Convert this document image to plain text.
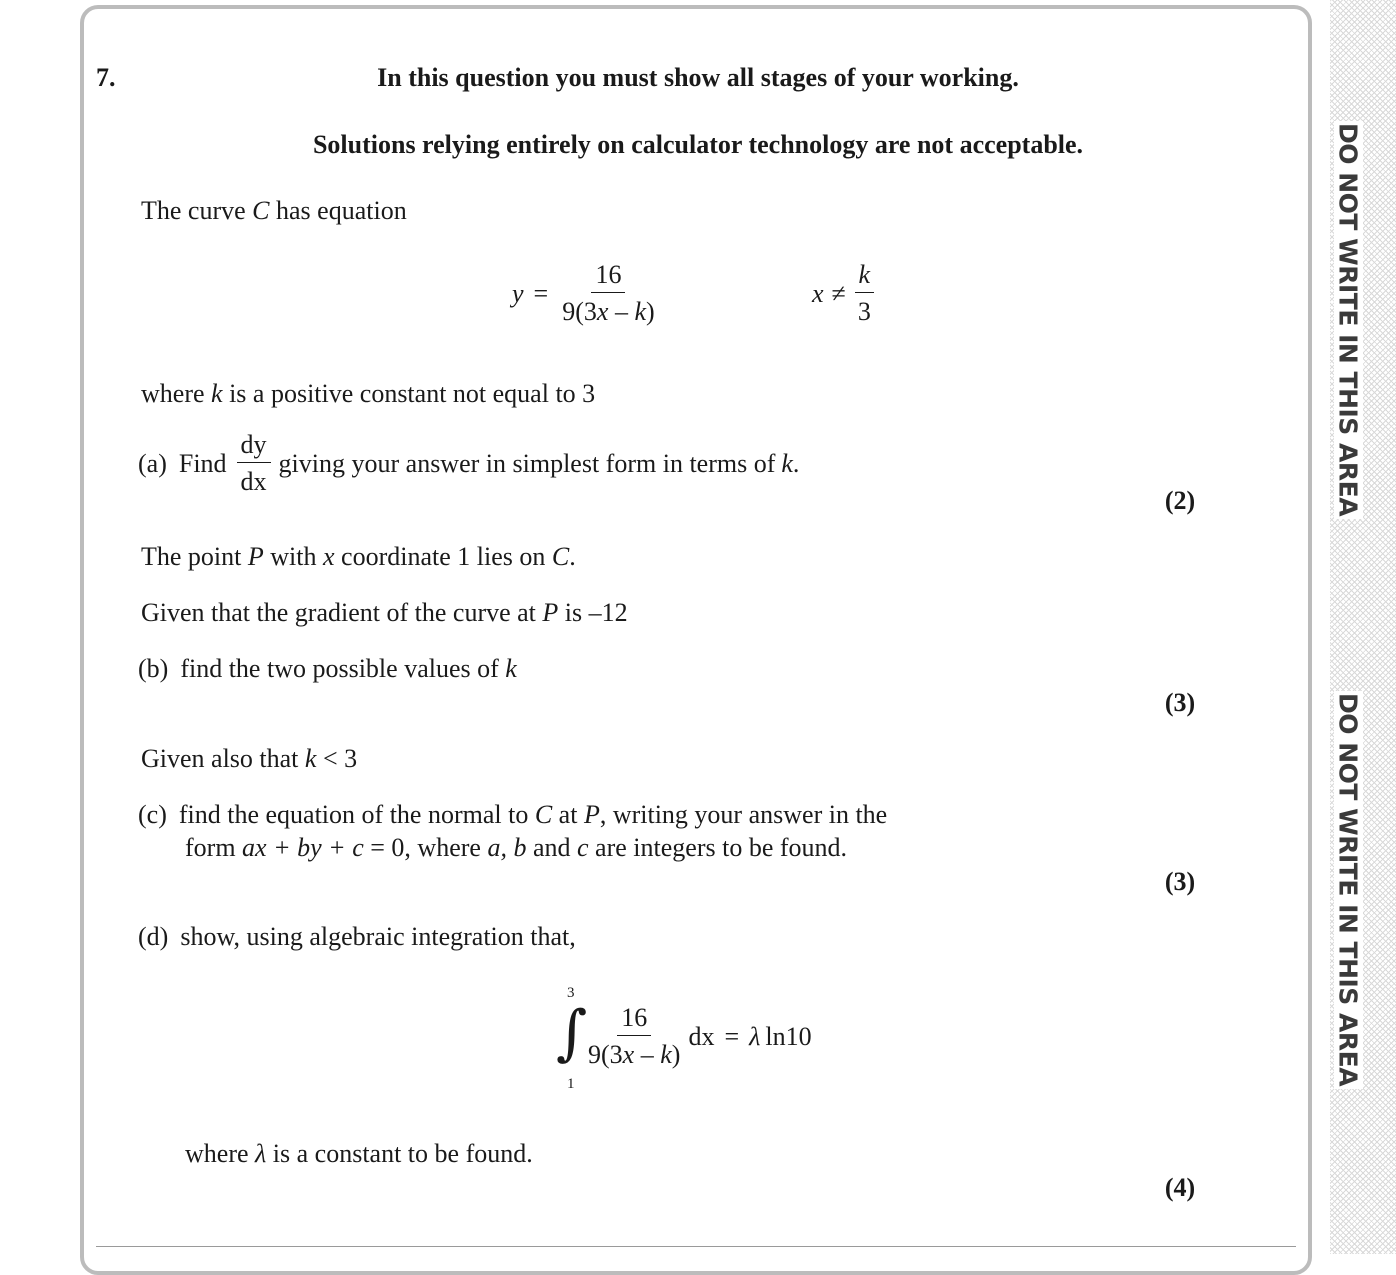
DO NOT WRITE IN THIS AREA
DO NOT WRITE IN THIS AREA
7.	In this question you must show all stages of your working.
Solutions relying entirely on calculator technology are not acceptable.
The curve C has equation
$y = \frac{16}{9(3x - k)}$	$x \ne \frac{k}{3}$
where k is a positive constant not equal to 3
(a) Find $\frac{dy}{dx}$ giving your answer in simplest form in terms of k .
(2)
The point P with x coordinate 1 lies on C.
Given that the gradient of the curve at P is –12
(b) find the two possible values of k
(3)
Given also that k < 3
(c) find the equation of the normal to C at P, writing your answer in the
form ax + by + c = 0, where a, b and c are integers to be found.
(3)
(d) show, using algebraic integration that,
3
∫
1
$\frac{16}{9(3x - k)}$ dx = λ ln10
where λ is a constant to be found.
(4)
